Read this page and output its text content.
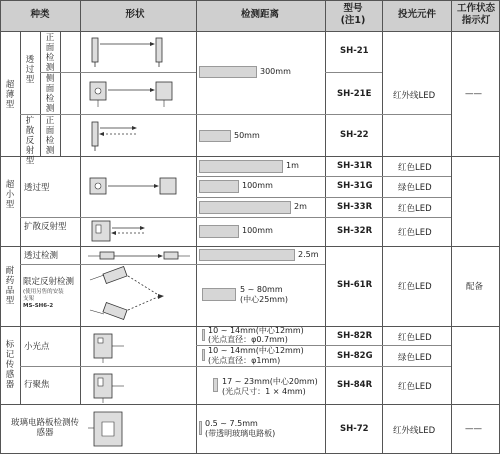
种类	形状	检测距离
型号
(注1)
投光元件
工作状态
指示灯
超薄型
透过型
正面检测
侧面检测
扩散反射型
正面检测
超小型
透过型
扩散反射型
耐药品型
透过检测
限定反射检测
(使用另售的安装
支架
MS-SH6-2
标记传感器
小光点
行聚焦
玻璃电路板检测传感器
300mm
50mm
1m
100mm
2m
100mm
2.5m
5 ~ 80mm
(中心25mm)
10 ~ 14mm(中心12mm)
(光点直径：φ0.7mm)
10 ~ 14mm(中心12mm)
(光点直径：φ1mm)
17 ~ 23mm(中心20mm)
(光点尺寸：1 × 4mm)
0.5 ~ 7.5mm
(带透明玻璃电路板)
SH-21
SH-21E
SH-22
SH-31R
SH-31G
SH-33R
SH-32R
SH-61R
SH-82R
SH-82G
SH-84R
SH-72
红外线LED
红色LED
绿色LED
红色LED
红色LED
红色LED
红色LED
绿色LED
红色LED
红外线LED
——
配备
——
